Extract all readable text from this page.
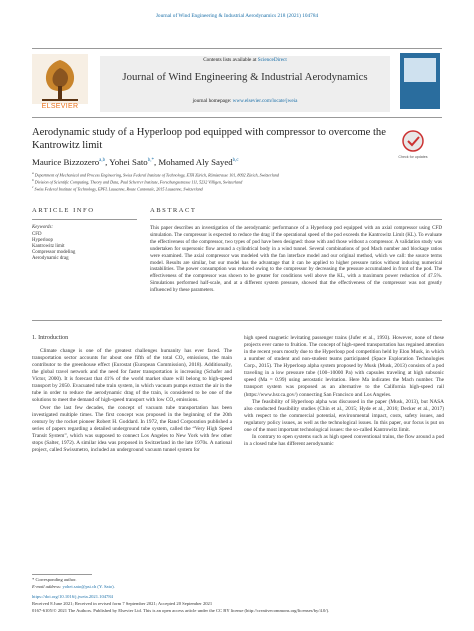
Journal of Wind Engineering & Industrial Aerodynamics 218 (2021) 104784
ELSEVIER
Contents lists available at ScienceDirect
Journal of Wind Engineering & Industrial Aerodynamics
journal homepage: www.elsevier.com/locate/jweia
Aerodynamic study of a Hyperloop pod equipped with compressor to overcome the Kantrowitz limit
Check for updates
Maurice Bizzozero$^{a,b}$, Yohei Sato$^{b,*}$, Mohamed Aly Sayed$^{b,c}$
$^a$ Department of Mechanical and Process Engineering, Swiss Federal Institute of Technology, ETH Zürich, Rämistrasse 101, 8092 Zürich, Switzerland
$^b$ Division of Scientific Computing, Theory and Data, Paul Scherrer Institute, Forschungsstrasse 111, 5232 Villigen, Switzerland
$^c$ Swiss Federal Institute of Technology, EPFL Lausanne, Route Cantonale, 2015 Lausanne, Switzerland
ARTICLE INFO	ABSTRACT
Keywords:
CFD
Hyperloop
Kantrowitz limit
Compressor modeling
Aerodynamic drag
This paper describes an investigation of the aerodynamic performance of a Hyperloop pod equipped with an axial compressor using CFD simulation. The compressor is expected to reduce the drag if the operational speed of the pod exceeds the Kantrowitz Limit (KL). To evaluate the effectiveness of the compressor, two types of pod have been designed: those with and those without a compressor. A validation study was undertaken for supersonic flow around a cylindrical body in a wind tunnel. Several combinations of pod Mach number and blockage ratios were examined. The axial compressor was modeled with the fan interface model and our original method, which we call: the source terms model. Results are similar, but our model has the advantage that it can be applied to higher pressure ratios without inducing numerical instabilities. The power consumption was reduced owing to the compressor by decreasing the pressure accumulated in front of the pod. The effectiveness of the compressor was shown to be greater for conditions well above the KL, with a maximum power reduction of 47.5%. Simulations performed half-scale, and at a different system pressure, showed that the effectiveness of the compressor was not greatly influenced by these parameters.
1. Introduction

Climate change is one of the greatest challenges humanity has ever faced. The transportation sector accounts for about one fifth of the total CO₂ emissions, the main contributor to the greenhouse effect (Eurostat (European Commission), 2018). Additionally, the global travel network and the need for faster transportation is increasing (Schafer and Victor, 2000). It is forecast that 41% of the world market share will belong to high-speed transport by 2050. Evacuated tube train system, in which vacuum pumps extract the air in the tube in order to reduce the aerodynamic drag of the train, is considered to be one of the solutions to meet the demand of high-speed transport with low CO₂ emissions.

Over the last few decades, the concept of vacuum tube transportation has been investigated multiple times. The first concept was proposed in the beginning of the 20th century by the rocket pioneer Robert H. Goddard. In 1972, the Rand Corporation published a series of papers regarding a detailed underground tube system, called the “Very High Speed Transit System”, which was supposed to connect Los Angeles to New York with few other stops (Salter, 1972). A similar idea was proposed in Switzerland in the late 1970s. A national project, called Swissmetro, included an underground vacuum tunnel system for

high speed magnetic levitating passenger trains (Jufer et al., 1993). However, none of these projects ever came to fruition. The concept of high-speed transportation has regained attention in the recent years mostly due to the Hyperloop pod competition held by Elon Musk, in which a number of student and non-student teams participated (Space Exploration Technologies Corp., 2015). The Hyperloop alpha system proposed by Musk (Musk, 2013) consists of a pod traveling in a low pressure tube (100–10000 Pa) with capsules traveling at high subsonic speed (Ma = 0.99) using aerostatic levitation. Here Ma indicates the Mach number. The transport system was proposed as an alternative to the California high-speed rail (https://www.hsr.ca.gov/) connecting San Francisco and Los Angeles.

The feasibility of Hyperloop alpha was discussed in the paper (Musk, 2013), but NASA also conducted feasibility studies (Chin et al., 2015; Hyde et al., 2016; Decker et al., 2017) with respect to the commercial potential, environmental impact, costs, safety issues, and regulatory policy issues, as well as the technological issues. In this paper, our focus is put on one of the most important technological issues: the so-called Kantrowitz limit.

In contrary to open systems such as high speed conventional trains, the flow around a pod in a closed tube has different aerodynamic

* Corresponding author.
E-mail address: yohei.sato@psi.ch (Y. Sato).
https://doi.org/10.1016/j.jweia.2021.104784
Received 8 June 2021; Received in revised form 7 September 2021; Accepted 20 September 2021
0167-6105/© 2021 The Authors. Published by Elsevier Ltd. This is an open access article under the CC BY license (http://creativecommons.org/licenses/by/4.0/).
